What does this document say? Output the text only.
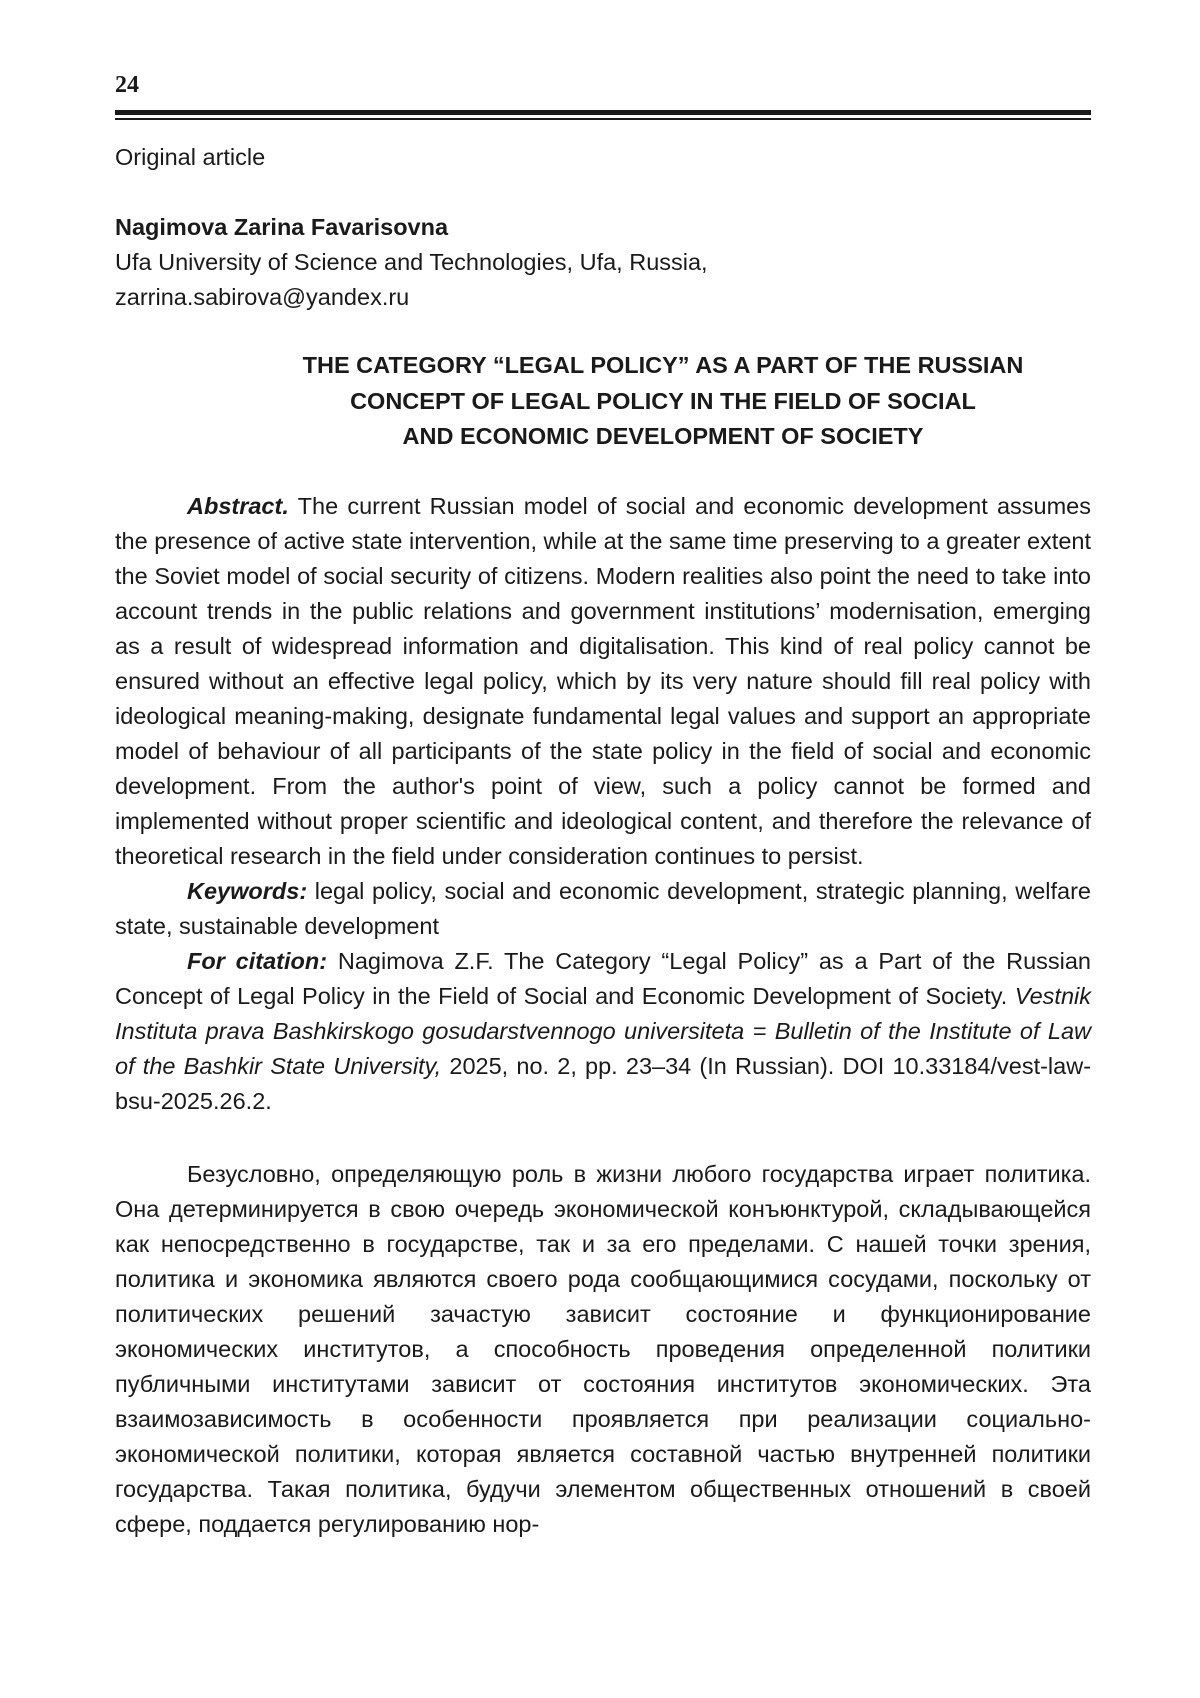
24

Original article

Nagimova Zarina Favarisovna

Ufa University of Science and Technologies, Ufa, Russia,

zarrina.sabirova@yandex.ru

THE CATEGORY “LEGAL POLICY” AS A PART OF THE RUSSIAN
CONCEPT OF LEGAL POLICY IN THE FIELD OF SOCIAL
AND ECONOMIC DEVELOPMENT OF SOCIETY

Abstract. The current Russian model of social and economic development assumes the presence of active state intervention, while at the same time preserving to a greater extent the Soviet model of social security of citizens. Modern realities also point the need to take into account trends in the public relations and government institutions’ modernisation, emerging as a result of widespread information and digitalisation. This kind of real policy cannot be ensured without an effective legal policy, which by its very nature should fill real policy with ideological meaning-making, designate fundamental legal values and support an appropriate model of behaviour of all participants of the state policy in the field of social and economic development. From the author's point of view, such a policy cannot be formed and implemented without proper scientific and ideological content, and therefore the relevance of theoretical research in the field under consideration continues to persist.

Keywords: legal policy, social and economic development, strategic planning, welfare state, sustainable development

For citation: Nagimova Z.F. The Category “Legal Policy” as a Part of the Russian Concept of Legal Policy in the Field of Social and Economic Development of Society. Vestnik Instituta prava Bashkirskogo gosudarstvennogo universiteta = Bulletin of the Institute of Law of the Bashkir State University, 2025, no. 2, pp. 23–34 (In Russian). DOI 10.33184/vest-law-bsu-2025.26.2.

Безусловно, определяющую роль в жизни любого государства играет политика. Она детерминируется в свою очередь экономической конъюнктурой, складывающейся как непосредственно в государстве, так и за его пределами. С нашей точки зрения, политика и экономика являются своего рода сообщающимися сосудами, поскольку от политических решений зачастую зависит состояние и функционирование экономических институтов, а способность проведения определенной политики публичными институтами зависит от состояния институтов экономических. Эта взаимозависимость в особенности проявляется при реализации социально-экономической политики, которая является составной частью внутренней политики государства. Такая политика, будучи элементом общественных отношений в своей сфере, поддается регулированию нор-
